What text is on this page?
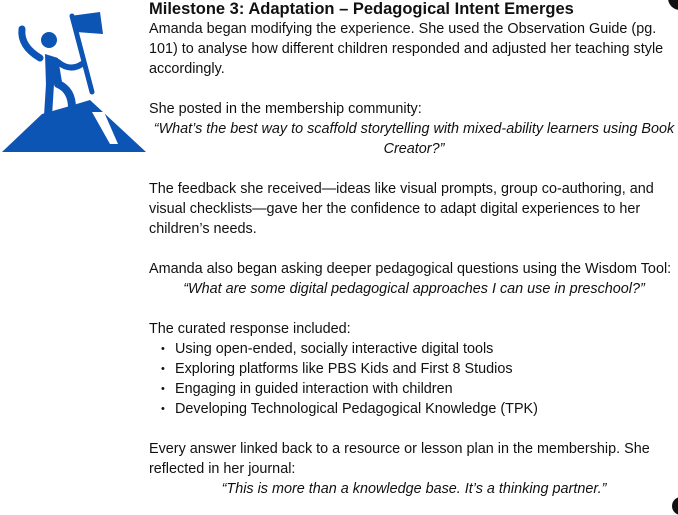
Milestone 3: Adaptation – Pedagogical Intent Emerges

Amanda began modifying the experience. She used the Observation Guide (pg. 101) to analyse how different children responded and adjusted her teaching style accordingly.

She posted in the membership community:

“What’s the best way to scaffold storytelling with mixed-ability learners using Book Creator?”

The feedback she received—ideas like visual prompts, group co-authoring, and visual checklists—gave her the confidence to adapt digital experiences to her children’s needs.

Amanda also began asking deeper pedagogical questions using the Wisdom Tool:

“What are some digital pedagogical approaches I can use in preschool?”

The curated response included:

• Using open-ended, socially interactive digital tools
• Exploring platforms like PBS Kids and First 8 Studios
• Engaging in guided interaction with children
• Developing Technological Pedagogical Knowledge (TPK)

Every answer linked back to a resource or lesson plan in the membership. She reflected in her journal:

“This is more than a knowledge base. It’s a thinking partner.”
